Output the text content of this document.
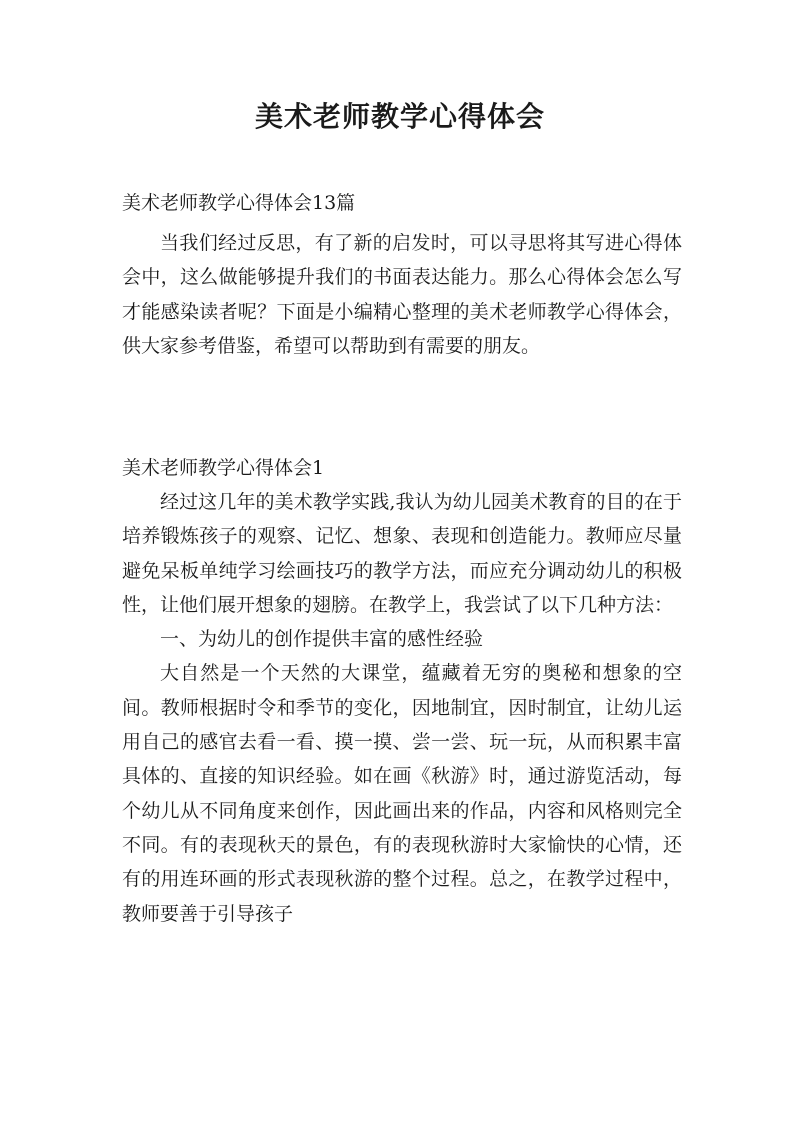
美术老师教学心得体会
美术老师教学心得体会13篇

当我们经过反思，有了新的启发时，可以寻思将其写进心得体会中，这么做能够提升我们的书面表达能力。那么心得体会怎么写才能感染读者呢？下面是小编精心整理的美术老师教学心得体会，供大家参考借鉴，希望可以帮助到有需要的朋友。

美术老师教学心得体会1

经过这几年的美术教学实践,我认为幼儿园美术教育的目的在于培养锻炼孩子的观察、记忆、想象、表现和创造能力。教师应尽量避免呆板单纯学习绘画技巧的教学方法，而应充分调动幼儿的积极性，让他们展开想象的翅膀。在教学上，我尝试了以下几种方法：

一、为幼儿的创作提供丰富的感性经验

大自然是一个天然的大课堂，蕴藏着无穷的奥秘和想象的空间。教师根据时令和季节的变化，因地制宜，因时制宜，让幼儿运用自己的感官去看一看、摸一摸、尝一尝、玩一玩，从而积累丰富具体的、直接的知识经验。如在画《秋游》时，通过游览活动，每个幼儿从不同角度来创作，因此画出来的作品，内容和风格则完全不同。有的表现秋天的景色，有的表现秋游时大家愉快的心情，还有的用连环画的形式表现秋游的整个过程。总之，在教学过程中，教师要善于引导孩子
